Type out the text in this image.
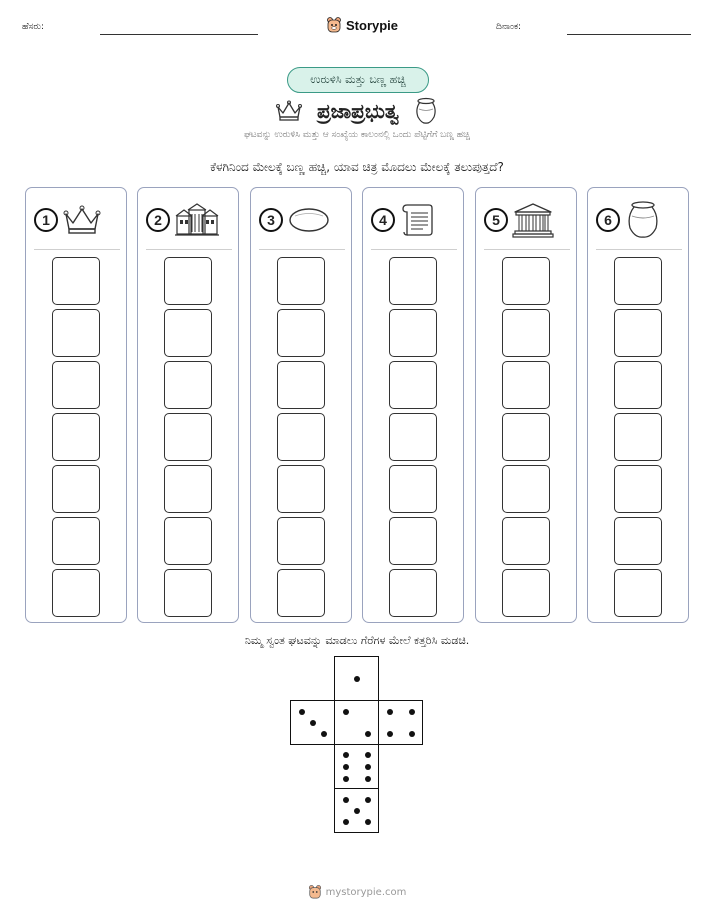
ಹೆಸರು:	Storypie	ದಿನಾಂಕ:
ಉರುಳಿಸಿ ಮತ್ತು ಬಣ್ಣ ಹಚ್ಚಿ
ಪ್ರಜಾಪ್ರಭುತ್ವ
ಘಟವನ್ನು ಉರುಳಿಸಿ ಮತ್ತು ಆ ಸಂಖ್ಯೆಯ ಕಾಲಂನಲ್ಲಿ ಒಂದು ಪೆಟ್ಟಿಗೆಗೆ ಬಣ್ಣ ಹಚ್ಚಿ
ಕೆಳಗಿನಿಂದ ಮೇಲಕ್ಕೆ ಬಣ್ಣ ಹಚ್ಚಿ, ಯಾವ ಚಿತ್ರ ಮೊದಲು ಮೇಲಕ್ಕೆ ತಲುಪುತ್ತದೆ?
1	2	3	4	5	6
ನಿಮ್ಮ ಸ್ವಂತ ಘಟವನ್ನು ಮಾಡಲು ಗೆರೆಗಳ ಮೇಲೆ ಕತ್ತರಿಸಿ ಮಡಚಿ.
mystorypie.com
